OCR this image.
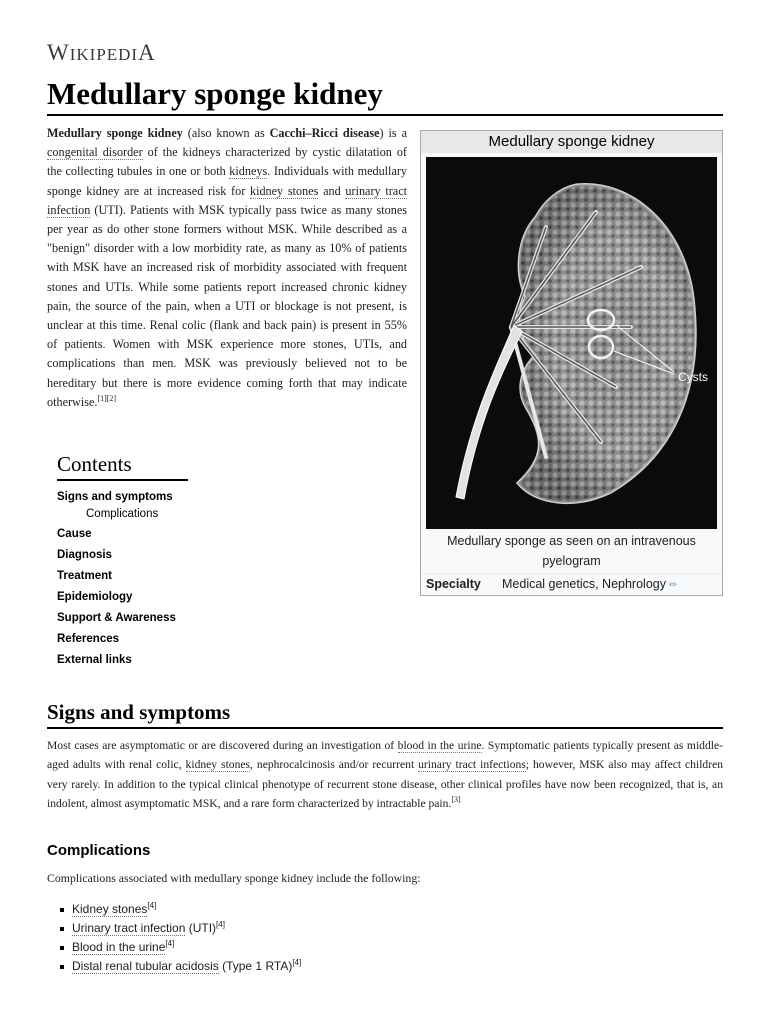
WIKIPEDIA
Medullary sponge kidney
Medullary sponge kidney (also known as Cacchi–Ricci disease) is a congenital disorder of the kidneys characterized by cystic dilatation of the collecting tubules in one or both kidneys. Individuals with medullary sponge kidney are at increased risk for kidney stones and urinary tract infection (UTI). Patients with MSK typically pass twice as many stones per year as do other stone formers without MSK. While described as a "benign" disorder with a low morbidity rate, as many as 10% of patients with MSK have an increased risk of morbidity associated with frequent stones and UTIs. While some patients report increased chronic kidney pain, the source of the pain, when a UTI or blockage is not present, is unclear at this time. Renal colic (flank and back pain) is present in 55% of patients. Women with MSK experience more stones, UTIs, and complications than men. MSK was previously believed not to be hereditary but there is more evidence coming forth that may indicate otherwise.[1][2]
Medullary sponge kidney
Cysts
Medullary sponge as seen on an intravenous pyelogram
Specialty	Medical genetics, Nephrology ✏
Contents
Signs and symptoms
Complications
Cause
Diagnosis
Treatment
Epidemiology
Support & Awareness
References
External links
Signs and symptoms
Most cases are asymptomatic or are discovered during an investigation of blood in the urine. Symptomatic patients typically present as middle-aged adults with renal colic, kidney stones, nephrocalcinosis and/or recurrent urinary tract infections; however, MSK also may affect children very rarely. In addition to the typical clinical phenotype of recurrent stone disease, other clinical profiles have now been recognized, that is, an indolent, almost asymptomatic MSK, and a rare form characterized by intractable pain.[3]
Complications
Complications associated with medullary sponge kidney include the following:
Kidney stones[4]
Urinary tract infection (UTI)[4]
Blood in the urine[4]
Distal renal tubular acidosis (Type 1 RTA)[4]
